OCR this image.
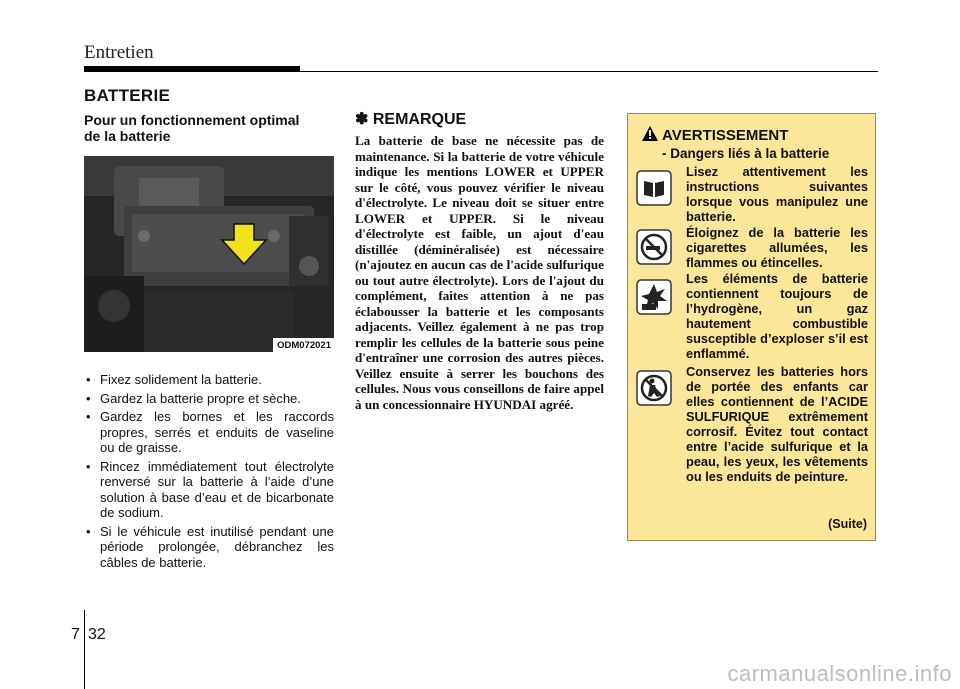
Entretien
BATTERIE

Pour un fonctionnement optimal
de la batterie

ODM072021
• Fixez solidement la batterie.
• Gardez la batterie propre et sèche.
• Gardez les bornes et les raccords propres, serrés et enduits de vaseline ou de graisse.
• Rincez immédiatement tout électrolyte renversé sur la batterie à l’aide d’une solution à base d’eau et de bicarbonate de sodium.
• Si le véhicule est inutilisé pendant une période prolongée, débranchez les câbles de batterie.

✽ REMARQUE

La batterie de base ne nécessite pas de maintenance. Si la batterie de votre véhicule indique les mentions LOWER et UPPER sur le côté, vous pouvez vérifier le niveau d'électrolyte. Le niveau doit se situer entre LOWER et UPPER. Si le niveau d'électrolyte est faible, un ajout d'eau distillée (déminéralisée) est nécessaire (n'ajoutez en aucun cas de l'acide sulfurique ou tout autre électrolyte). Lors de l'ajout du complément, faites attention à ne pas éclabousser la batterie et les composants adjacents. Veillez également à ne pas trop remplir les cellules de la batterie sous peine d'entraîner une corrosion des autres pièces. Veillez ensuite à serrer les bouchons des cellules. Nous vous conseillons de faire appel à un concessionnaire HYUNDAI agréé.

AVERTISSEMENT
- Dangers liés à la batterie
Lisez attentivement les instructions suivantes lorsque vous manipulez une batterie.
Éloignez de la batterie les cigarettes allumées, les flammes ou étincelles.
Les éléments de batterie contiennent toujours de l’hydrogène, un gaz hautement combustible susceptible d’exploser s’il est enflammé.
Conservez les batteries hors de portée des enfants car elles contiennent de l’ACIDE SULFURIQUE extrêmement corrosif. Évitez tout contact entre l’acide sulfurique et la peau, les yeux, les vêtements ou les enduits de peinture.
(Suite)
7 32
carmanualsonline.info
